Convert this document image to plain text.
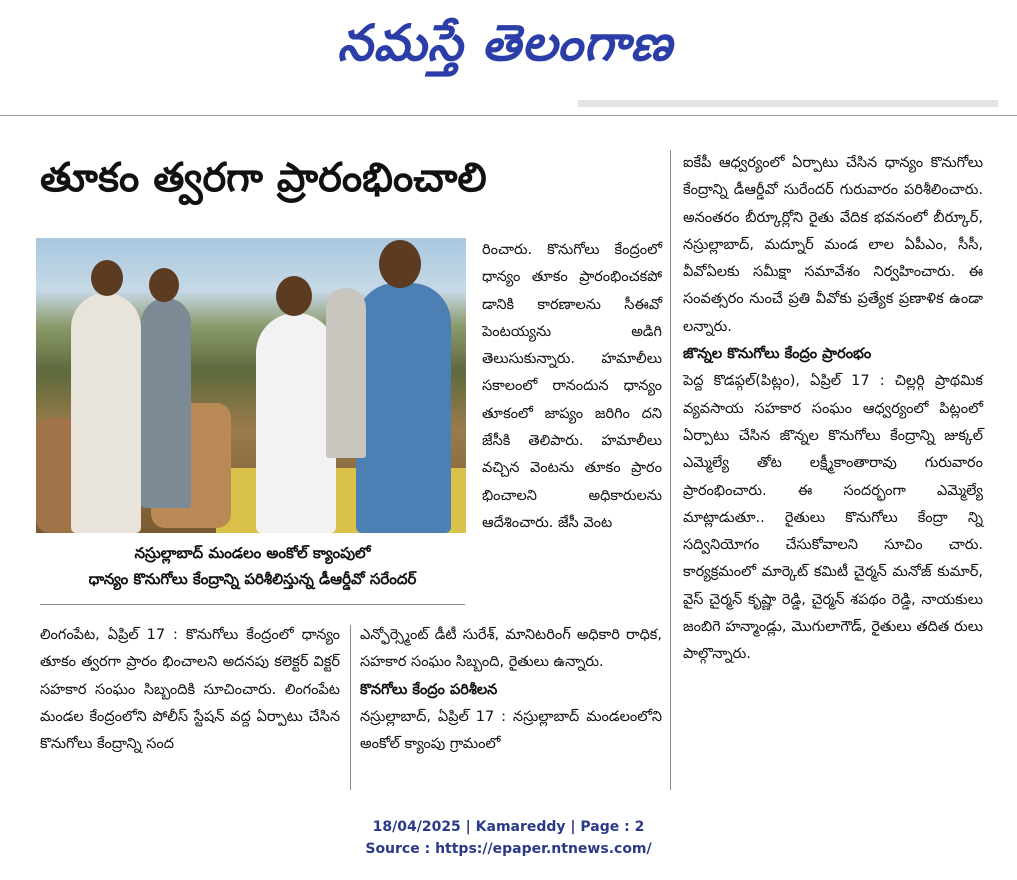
నమస్తే తెలంగాణ
తూకం త్వరగా ప్రారంభించాలి
నస్రుల్లాబాద్ మండలం అంకోల్ క్యాంపులో
ధాన్యం కొనుగోలు కేంద్రాన్ని పరిశీలిస్తున్న డీఆర్డీవో సరేందర్

రించారు. కొనుగోలు కేంద్రంలో ధాన్యం తూకం ప్రారంభించకపో డానికి కారణాలను సీఈవో పెంటయ్యను అడిగి తెలుసుకున్నారు. హమాలీలు సకాలంలో రానందున ధాన్యం తూకంలో జాప్యం జరిగిం దని జేసీకి తెలిపారు. హమాలీలు వచ్చిన వెంటను తూకం ప్రారం భించాలని అధికారులను ఆదేశించారు. జేసీ వెంట

లింగంపేట, ఏప్రిల్ 17 : కొనుగోలు కేంద్రంలో ధాన్యం తూకం త్వరగా ప్రారం భించాలని అదనపు కలెక్టర్ విక్టర్ సహకార సంఘం సిబ్బందికి సూచించారు. లింగంపేట మండల కేంద్రంలోని పోలీస్ స్టేషన్ వద్ద ఏర్పాటు చేసిన కొనుగోలు కేంద్రాన్ని సంద

ఎన్ఫోర్స్మెంట్ డీటీ సురేశ్, మానిటరింగ్ అధికారి రాధిక, సహకార సంఘం సిబ్బంది, రైతులు ఉన్నారు.

కొనగోలు కేంద్రం పరిశీలన

నస్రుల్లాబాద్, ఏప్రిల్ 17 : నస్రుల్లాబాద్ మండలంలోని అంకోల్ క్యాంపు గ్రామంలో

ఐకేపీ ఆధ్వర్యంలో ఏర్పాటు చేసిన ధాన్యం కొనుగోలు కేంద్రాన్ని డీఆర్డీవో సురేందర్ గురువారం పరిశీలించారు. అనంతరం బీర్కూర్లోని రైతు వేదిక భవనంలో బీర్కూర్, నస్రుల్లాబాద్, మద్నూర్ మండ లాల ఏపీఎం, సీసీ, వీవోఏలకు సమీక్షా సమావేశం నిర్వహించారు. ఈ సంవత్సరం నుంచే ప్రతి వీవోకు ప్రత్యేక ప్రణాళిక ఉండా లన్నారు.

జొన్నల కొనుగోలు కేంద్రం ప్రారంభం

పెద్ద కొడప్గల్(పిట్లం), ఏప్రిల్ 17 : చిల్లర్గి ప్రాథమిక వ్యవసాయ సహకార సంఘం ఆధ్వర్యంలో పిట్లంలో ఏర్పాటు చేసిన జొన్నల కొనుగోలు కేంద్రాన్ని జుక్కల్ ఎమ్మెల్యే తోట లక్ష్మీకాంతారావు గురువారం ప్రారంభించారు. ఈ సందర్భంగా ఎమ్మెల్యే మాట్లాడుతూ.. రైతులు కొనుగోలు కేంద్రా న్ని సద్వినియోగం చేసుకోవాలని సూచిం చారు. కార్యక్రమంలో మార్కెట్ కమిటీ చైర్మన్ మనోజ్ కుమార్, వైస్ చైర్మన్ కృష్ణా రెడ్డి, చైర్మన్ శపథం రెడ్డి, నాయకులు జంబిగె హన్మాండ్లు, మొగులాగౌడ్, రైతులు తదిత రులు పాల్గొన్నారు.

18/04/2025 | Kamareddy | Page : 2
Source : https://epaper.ntnews.com/
